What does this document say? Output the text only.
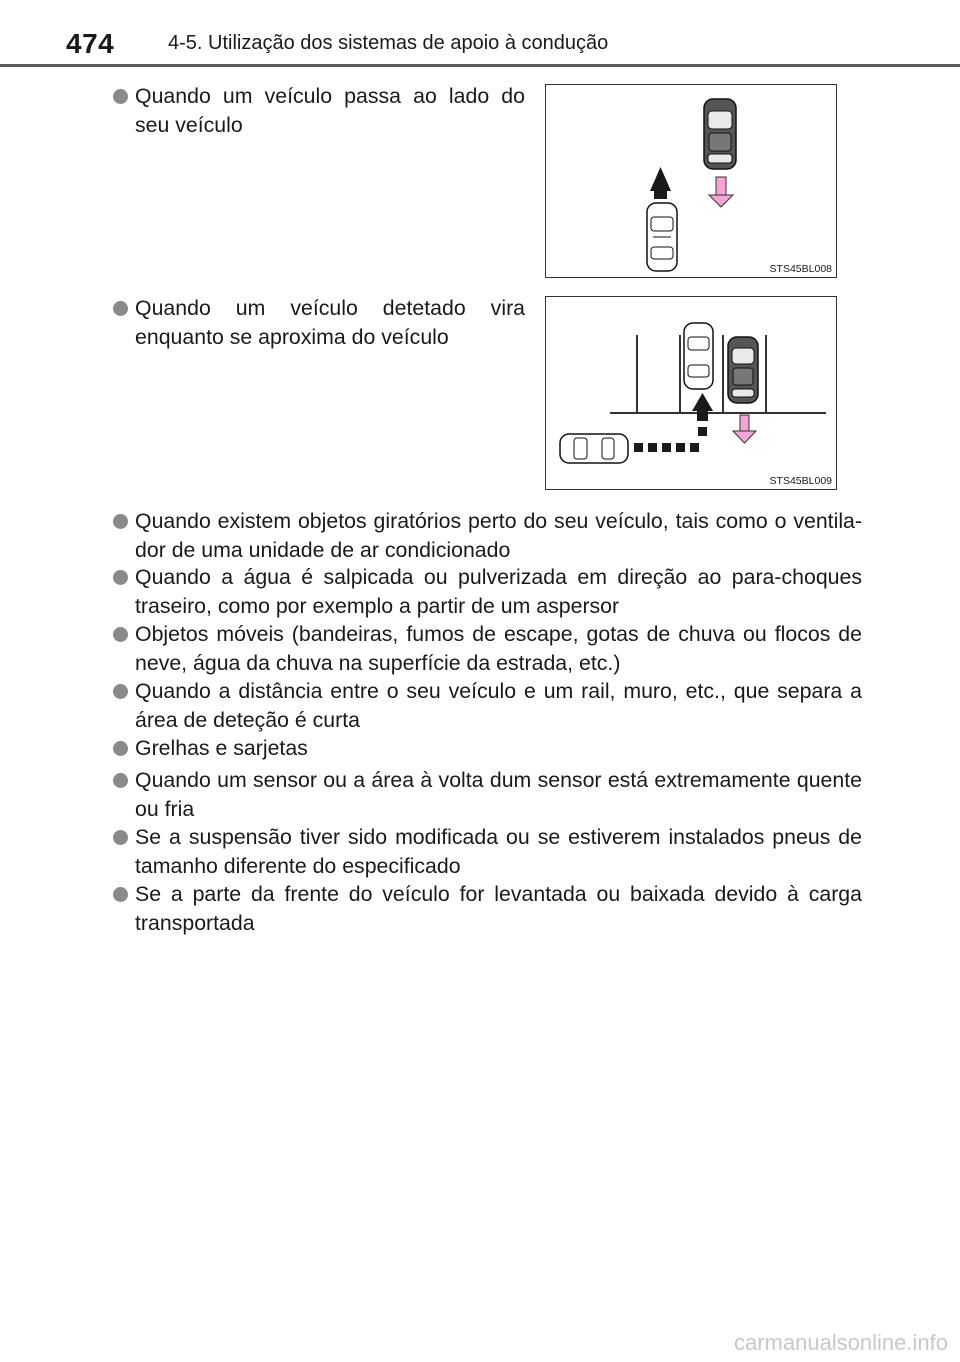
474	4-5. Utilização dos sistemas de apoio à condução
Quando um veículo passa ao lado do seu veículo
STS45BL008
Quando um veículo detetado vira enquanto se aproxima do veículo
STS45BL009
Quando existem objetos giratórios perto do seu veículo, tais como o ventila-dor de uma unidade de ar condicionado
Quando a água é salpicada ou pulverizada em direção ao para-choques traseiro, como por exemplo a partir de um aspersor
Objetos móveis (bandeiras, fumos de escape, gotas de chuva ou flocos de neve, água da chuva na superfície da estrada, etc.)
Quando a distância entre o seu veículo e um rail, muro, etc., que separa a área de deteção é curta
Grelhas e sarjetas
Quando um sensor ou a área à volta dum sensor está extremamente quente ou fria
Se a suspensão tiver sido modificada ou se estiverem instalados pneus de tamanho diferente do especificado
Se a parte da frente do veículo for levantada ou baixada devido à carga transportada
carmanualsonline.info
